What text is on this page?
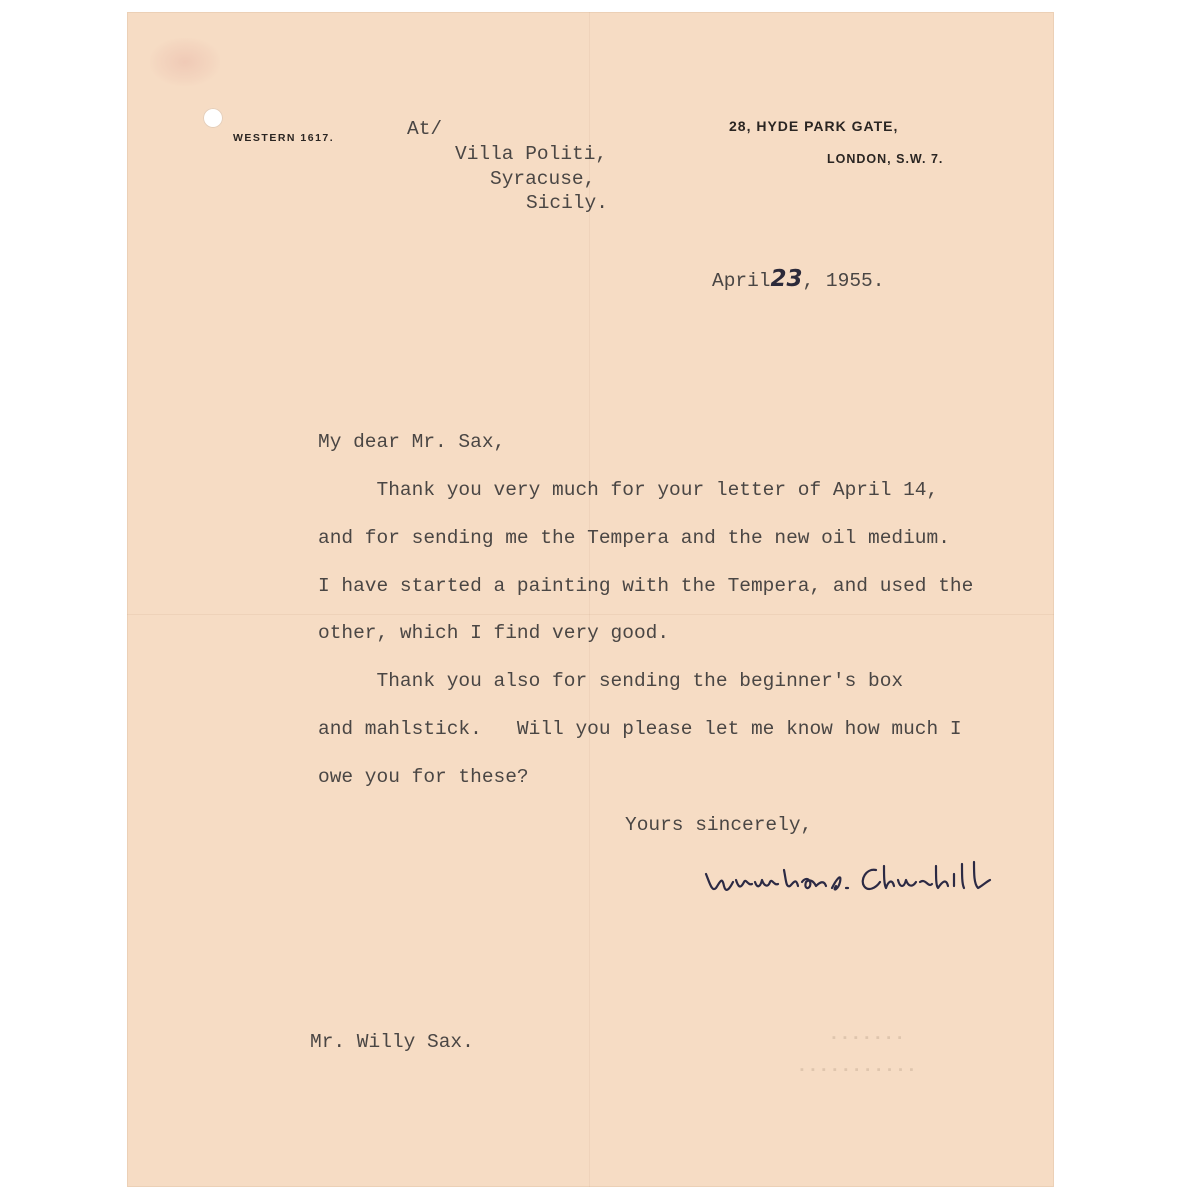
WESTERN 1617.
28, HYDE PARK GATE,
LONDON, S.W. 7.
At/
Villa Politi,
Syracuse,
Sicily.
April23, 1955.
My dear Mr. Sax,
Thank you very much for your letter of April 14,
and for sending me the Tempera and the new oil medium.
I have started a painting with the Tempera, and used the
other, which I find very good.
Thank you also for sending the beginner's box
and mahlstick.   Will you please let me know how much I
owe you for these?
Yours sincerely,
Mr. Willy Sax.	▪ ▪ ▪ ▪ ▪ ▪ ▪
▪ ▪ ▪ ▪ ▪ ▪ ▪ ▪ ▪ ▪ ▪
